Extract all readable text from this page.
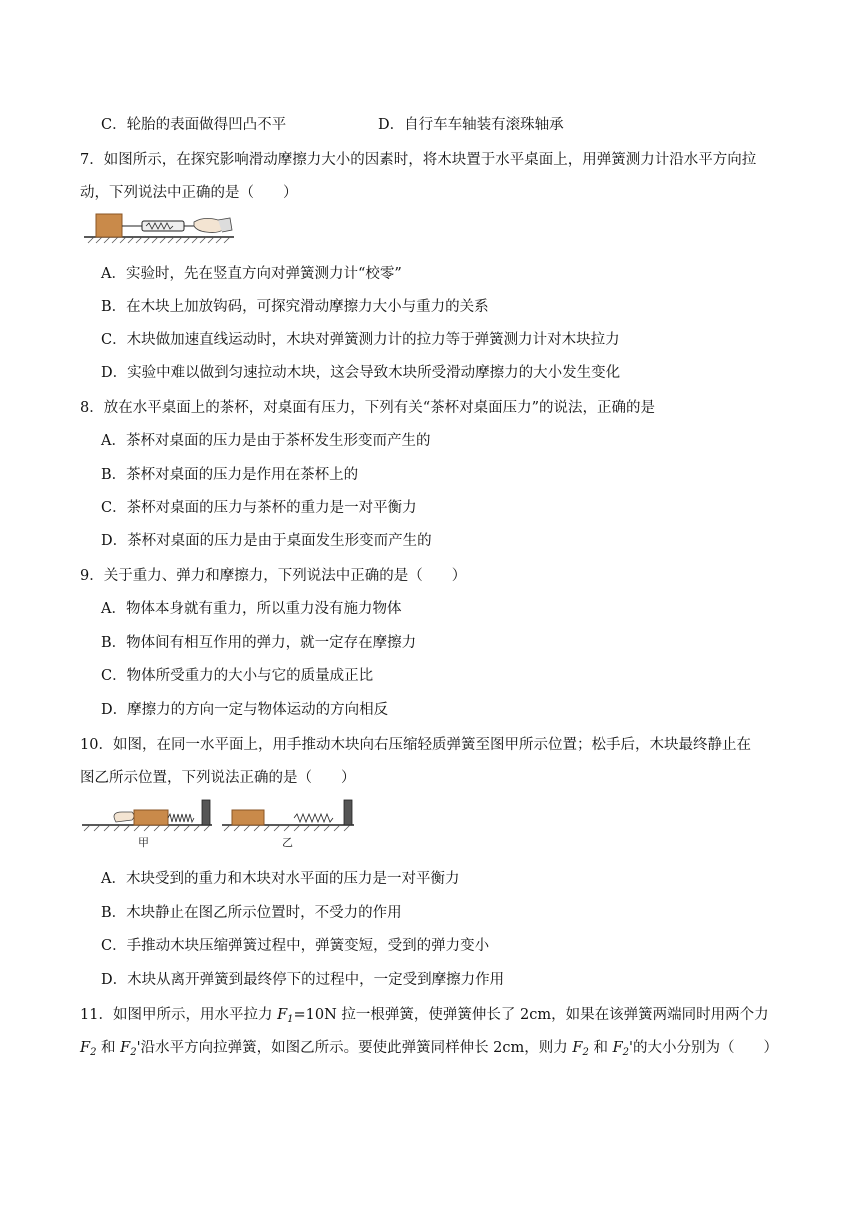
C．轮胎的表面做得凹凸不平	D．自行车车轴装有滚珠轴承
7．如图所示，在探究影响滑动摩擦力大小的因素时，将木块置于水平桌面上，用弹簧测力计沿水平方向拉
动，下列说法中正确的是（　　）
A．实验时，先在竖直方向对弹簧测力计“校零”
B．在木块上加放钩码，可探究滑动摩擦力大小与重力的关系
C．木块做加速直线运动时，木块对弹簧测力计的拉力等于弹簧测力计对木块拉力
D．实验中难以做到匀速拉动木块，这会导致木块所受滑动摩擦力的大小发生变化
8．放在水平桌面上的茶杯，对桌面有压力，下列有关“茶杯对桌面压力”的说法，正确的是
A．茶杯对桌面的压力是由于茶杯发生形变而产生的
B．茶杯对桌面的压力是作用在茶杯上的
C．茶杯对桌面的压力与茶杯的重力是一对平衡力
D．茶杯对桌面的压力是由于桌面发生形变而产生的
9．关于重力、弹力和摩擦力，下列说法中正确的是（　　）
A．物体本身就有重力，所以重力没有施力物体
B．物体间有相互作用的弹力，就一定存在摩擦力
C．物体所受重力的大小与它的质量成正比
D．摩擦力的方向一定与物体运动的方向相反
10．如图，在同一水平面上，用手推动木块向右压缩轻质弹簧至图甲所示位置；松手后，木块最终静止在
图乙所示位置，下列说法正确的是（　　）
甲	乙
A．木块受到的重力和木块对水平面的压力是一对平衡力
B．木块静止在图乙所示位置时，不受力的作用
C．手推动木块压缩弹簧过程中，弹簧变短，受到的弹力变小
D．木块从离开弹簧到最终停下的过程中，一定受到摩擦力作用
11．如图甲所示，用水平拉力 $F_1=10N$ 拉一根弹簧，使弹簧伸长了 2cm，如果在该弹簧两端同时用两个力
$F_2$ 和 $F_2'$沿水平方向拉弹簧，如图乙所示。要使此弹簧同样伸长 2cm，则力 $F_2$ 和 $F_2'$的大小分别为（　　）
